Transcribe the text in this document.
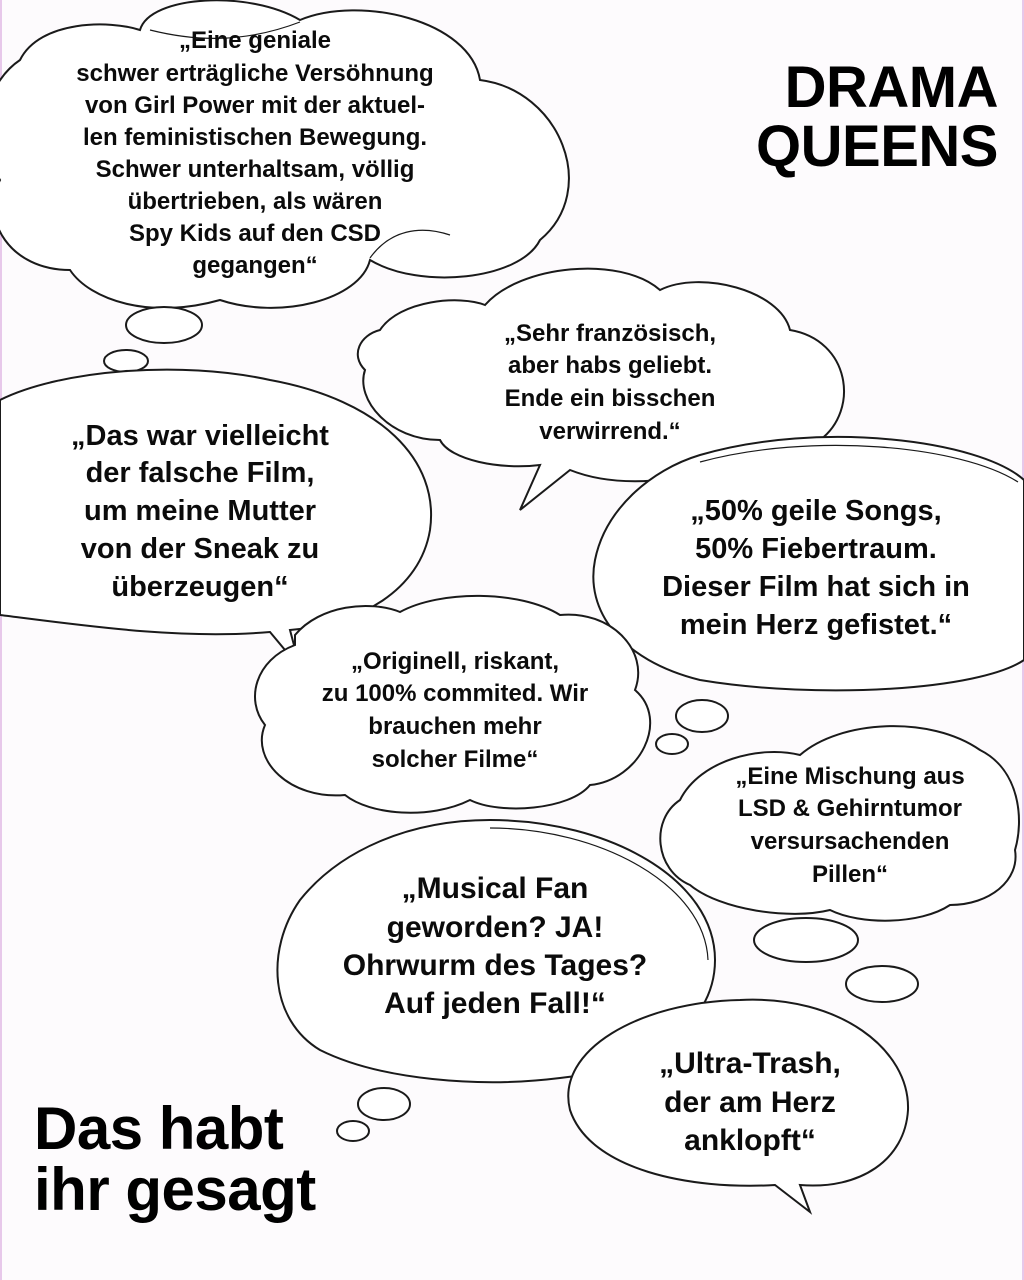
DRAMA
QUEENS
Das habt
ihr gesagt
„Eine geniale
schwer erträgliche Versöhnung
von Girl Power mit der aktuel-
len feministischen Bewegung.
Schwer unterhaltsam, völlig
übertrieben, als wären
Spy Kids auf den CSD
gegangen“
„Sehr französisch,
aber habs geliebt.
Ende ein bisschen
verwirrend.“
„Das war vielleicht
der falsche Film,
um meine Mutter
von der Sneak zu
überzeugen“
„50% geile Songs,
50% Fiebertraum.
Dieser Film hat sich in
mein Herz gefistet.“
„Originell, riskant,
zu 100% commited. Wir
brauchen mehr
solcher Filme“
„Eine Mischung aus
LSD & Gehirntumor
versursachenden
Pillen“
„Musical Fan
geworden? JA!
Ohrwurm des Tages?
Auf jeden Fall!“
„Ultra-Trash,
der am Herz
anklopft“
